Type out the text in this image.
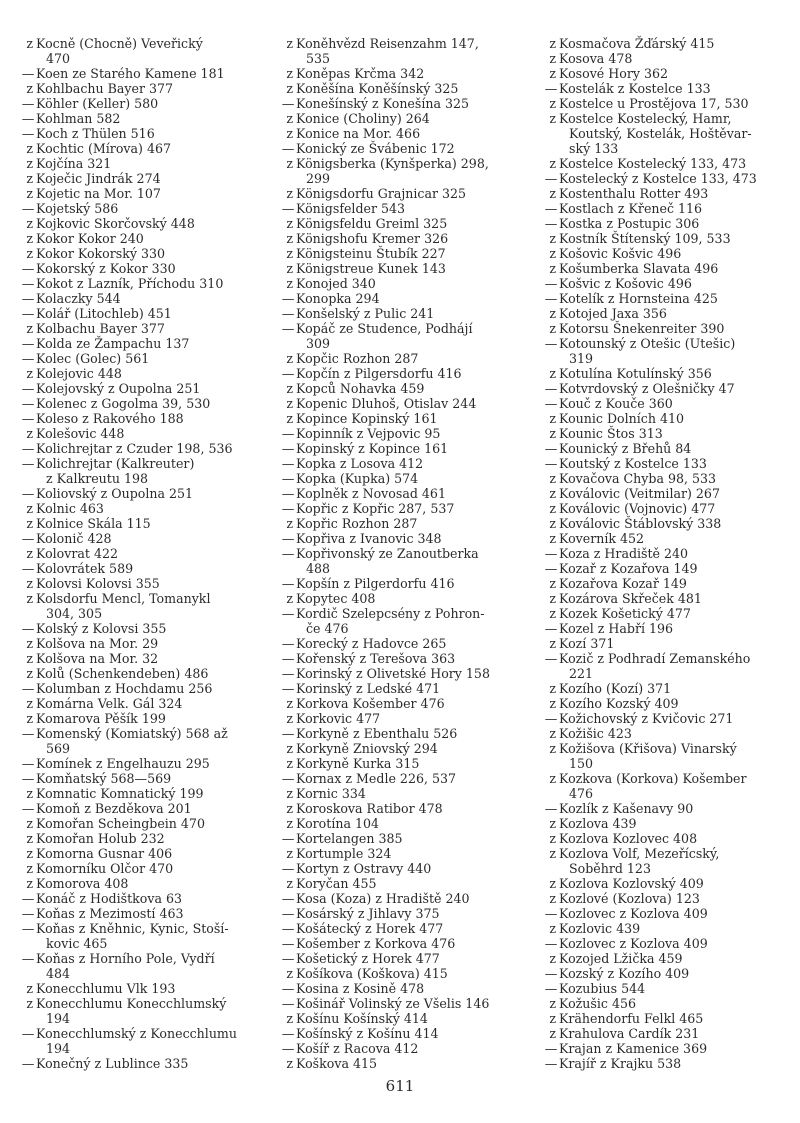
z Kocně (Chocně) Veveřický
470
— Koen ze Starého Kamene 181
z Kohlbachu Bayer 377
— Köhler (Keller) 580
— Kohlman 582
— Koch z Thülen 516
z Kochtic (Mírova) 467
z Kojčína 321
z Koječic Jindrák 274
z Kojetic na Mor. 107
— Kojetský 586
z Kojkovic Skorčovský 448
z Kokor Kokor 240
z Kokor Kokorský 330
— Kokorský z Kokor 330
— Kokot z Lazník, Příchodu 310
— Kolaczky 544
— Kolář (Litochleb) 451
z Kolbachu Bayer 377
— Kolda ze Žampachu 137
— Kolec (Golec) 561
z Kolejovic 448
— Kolejovský z Oupolna 251
— Kolenec z Gogolma 39, 530
— Koleso z Rakového 188
z Kolešovic 448
— Kolichrejtar z Czuder 198, 536
— Kolichrejtar (Kalkreuter)
z Kalkreutu 198
— Koliovský z Oupolna 251
z Kolnic 463
z Kolnice Skála 115
— Kolonič 428
z Kolovrat 422
— Kolovrátek 589
z Kolovsi Kolovsi 355
z Kolsdorfu Mencl, Tomanykl
304, 305
— Kolský z Kolovsi 355
z Kolšova na Mor. 29
z Kolšova na Mor. 32
z Kolů (Schenkendeben) 486
— Kolumban z Hochdamu 256
z Komárna Velk. Gál 324
z Komarova Pěšík 199
— Komenský (Komiatský) 568 až
569
— Komínek z Engelhauzu 295
— Komňatský 568—569
z Komnatic Komnatický 199
— Komoň z Bezděkova 201
z Komořan Scheingbein 470
z Komořan Holub 232
z Komorna Gusnar 406
z Komorníku Olčor 470
z Komorova 408
— Konáč z Hodištkova 63
— Koňas z Mezimostí 463
— Koňas z Kněhnic, Kynic, Stoší-
kovic 465
— Koňas z Horního Pole, Vydří
484
z Konecchlumu Vlk 193
z Konecchlumu Konecchlumský
194
— Konecchlumský z Konecchlumu
194
— Konečný z Lublince 335
z Koněhvězd Reisenzahm 147,
535
z Koněpas Krčma 342
z Koněšína Koněšínský 325
— Konešínský z Konešína 325
z Konice (Choliny) 264
z Konice na Mor. 466
— Konický ze Švábenic 172
z Königsberka (Kynšperka) 298,
299
z Königsdorfu Grajnicar 325
— Königsfelder 543
z Königsfeldu Greiml 325
z Königshofu Kremer 326
z Königsteinu Štubík 227
z Königstreue Kunek 143
z Konojed 340
— Konopka 294
— Konšelský z Pulic 241
— Kopáč ze Studence, Podhájí
309
z Kopčic Rozhon 287
— Kopčín z Pilgersdorfu 416
z Kopců Nohavka 459
z Kopenic Dluhoš, Otislav 244
z Kopince Kopinský 161
— Kopinník z Vejpovic 95
— Kopinský z Kopince 161
— Kopka z Losova 412
— Kopka (Kupka) 574
— Koplněk z Novosad 461
— Kopřic z Kopřic 287, 537
z Kopřic Rozhon 287
— Kopřiva z Ivanovic 348
— Kopřivonský ze Zanoutberka
488
— Kopšín z Pilgerdorfu 416
z Kopytec 408
— Kordič Szelepcsény z Pohron-
če 476
— Korecký z Hadovce 265
— Kořenský z Terešova 363
— Korinský z Olivetské Hory 158
— Korinský z Ledské 471
z Korkova Košember 476
z Korkovic 477
— Korkyně z Ebenthalu 526
z Korkyně Zniovský 294
z Korkyně Kurka 315
— Kornax z Medle 226, 537
z Kornic 334
z Koroskova Ratibor 478
z Korotína 104
— Kortelangen 385
z Kortumple 324
— Kortyn z Ostravy 440
z Koryčan 455
— Kosa (Koza) z Hradiště 240
— Kosárský z Jihlavy 375
— Košátecký z Horek 477
— Košember z Korkova 476
— Košetický z Horek 477
z Košíkova (Koškova) 415
— Kosina z Kosině 478
— Košinář Volinský ze Všelis 146
z Košínu Košínský 414
— Košínský z Košínu 414
— Košíř z Racova 412
z Koškova 415
z Kosmačova Žďárský 415
z Kosova 478
z Kosové Hory 362
— Kostelák z Kostelce 133
z Kostelce u Prostějova 17, 530
z Kostelce Kostelecký, Hamr,
Koutský, Kostelák, Hoštěvar-
ský 133
z Kostelce Kostelecký 133, 473
— Kostelecký z Kostelce 133, 473
z Kostenthalu Rotter 493
— Kostlach z Křeneč 116
— Kostka z Postupic 306
z Kostník Štítenský 109, 533
z Košovic Košvic 496
z Košumberka Slavata 496
— Košvic z Košovic 496
— Kotelík z Hornsteina 425
z Kotojed Jaxa 356
z Kotorsu Šnekenreiter 390
— Kotounský z Otešic (Utešic)
319
z Kotulína Kotulínský 356
— Kotvrdovský z Olešničky 47
— Kouč z Kouče 360
z Kounic Dolních 410
z Kounic Štos 313
— Kounický z Břehů 84
— Koutský z Kostelce 133
z Kovačova Chyba 98, 533
z Koválovic (Veitmilar) 267
z Koválovic (Vojnovic) 477
z Koválovic Štáblovský 338
z Koverník 452
— Koza z Hradiště 240
— Kozař z Kozařova 149
z Kozařova Kozař 149
z Kozárova Skřeček 481
z Kozek Košetický 477
— Kozel z Habří 196
z Kozí 371
— Kozič z Podhradí Zemanského
221
z Kozího (Kozí) 371
z Kozího Kozský 409
— Kožichovský z Kvičovic 271
z Kožišic 423
z Kožišova (Křišova) Vinarský
150
z Kozkova (Korkova) Košember
476
— Kozlík z Kašenavy 90
z Kozlova 439
z Kozlova Kozlovec 408
z Kozlova Volf, Mezeřícský,
Soběhrd 123
z Kozlova Kozlovský 409
z Kozlové (Kozlova) 123
— Kozlovec z Kozlova 409
z Kozlovic 439
— Kozlovec z Kozlova 409
z Kozojed Lžička 459
— Kozský z Kozího 409
— Kozubius 544
z Kožušic 456
z Krähendorfu Felkl 465
z Krahulova Cardík 231
— Krajan z Kamenice 369
— Krajíř z Krajku 538
611
